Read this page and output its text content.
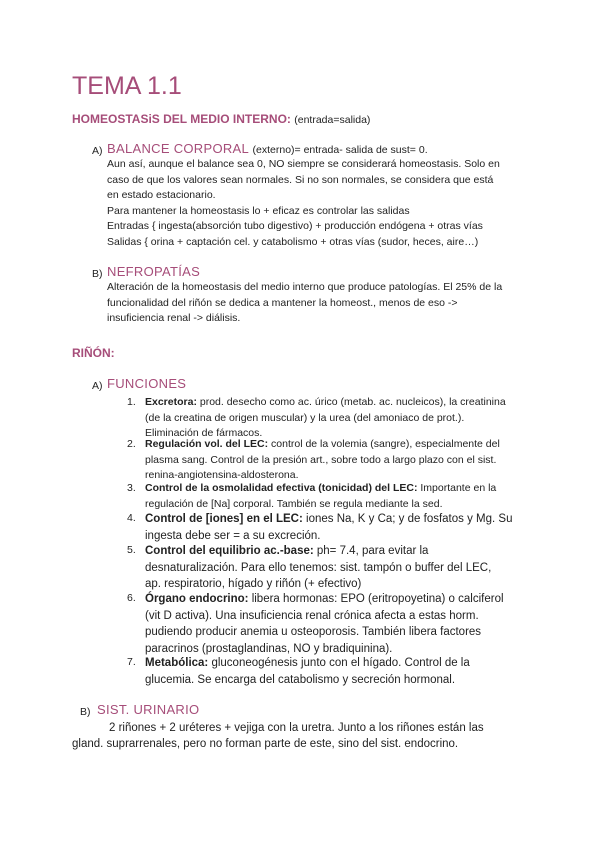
TEMA 1.1
HOMEOSTASiS DEL MEDIO INTERNO: (entrada=salida)
A) BALANCE CORPORAL (externo)= entrada- salida de sust= 0.
Aun así, aunque el balance sea 0, NO siempre se considerará homeostasis. Solo en
caso de que los valores sean normales. Si no son normales, se considera que está
en estado estacionario.
Para mantener la homeostasis lo + eficaz es controlar las salidas
Entradas { ingesta(absorción tubo digestivo) + producción endógena + otras vías
Salidas { orina + captación cel. y catabolismo + otras vías (sudor, heces, aire…)
B) NEFROPATÍAS
Alteración de la homeostasis del medio interno que produce patologías. El 25% de la
funcionalidad del riñón se dedica a mantener la homeost., menos de eso ->
insuficiencia renal -> diálisis.
RIÑÓN:
A) FUNCIONES
1. Excretora: prod. desecho como ac. úrico (metab. ac. nucleicos), la creatinina
(de la creatina de origen muscular) y la urea (del amoniaco de prot.).
Eliminación de fármacos.
2. Regulación vol. del LEC: control de la volemia (sangre), especialmente del
plasma sang. Control de la presión art., sobre todo a largo plazo con el sist.
renina-angiotensina-aldosterona.
3. Control de la osmolalidad efectiva (tonicidad) del LEC: Importante en la
regulación de [Na] corporal. También se regula mediante la sed.
4. Control de [iones] en el LEC: iones Na, K y Ca; y de fosfatos y Mg. Su
ingesta debe ser = a su excreción.
5. Control del equilibrio ac.-base: ph= 7.4, para evitar la
desnaturalización. Para ello tenemos: sist. tampón o buffer del LEC,
ap. respiratorio, hígado y riñón (+ efectivo)
6. Órgano endocrino: libera hormonas: EPO (eritropoyetina) o calciferol
(vit D activa). Una insuficiencia renal crónica afecta a estas horm.
pudiendo producir anemia u osteoporosis. También libera factores
paracrinos (prostaglandinas, NO y bradiquinina).
7. Metabólica: gluconeogénesis junto con el hígado. Control de la
glucemia. Se encarga del catabolismo y secreción hormonal.
B) SIST. URINARIO
2 riñones + 2 uréteres + vejiga con la uretra. Junto a los riñones están las
gland. suprarrenales, pero no forman parte de este, sino del sist. endocrino.
